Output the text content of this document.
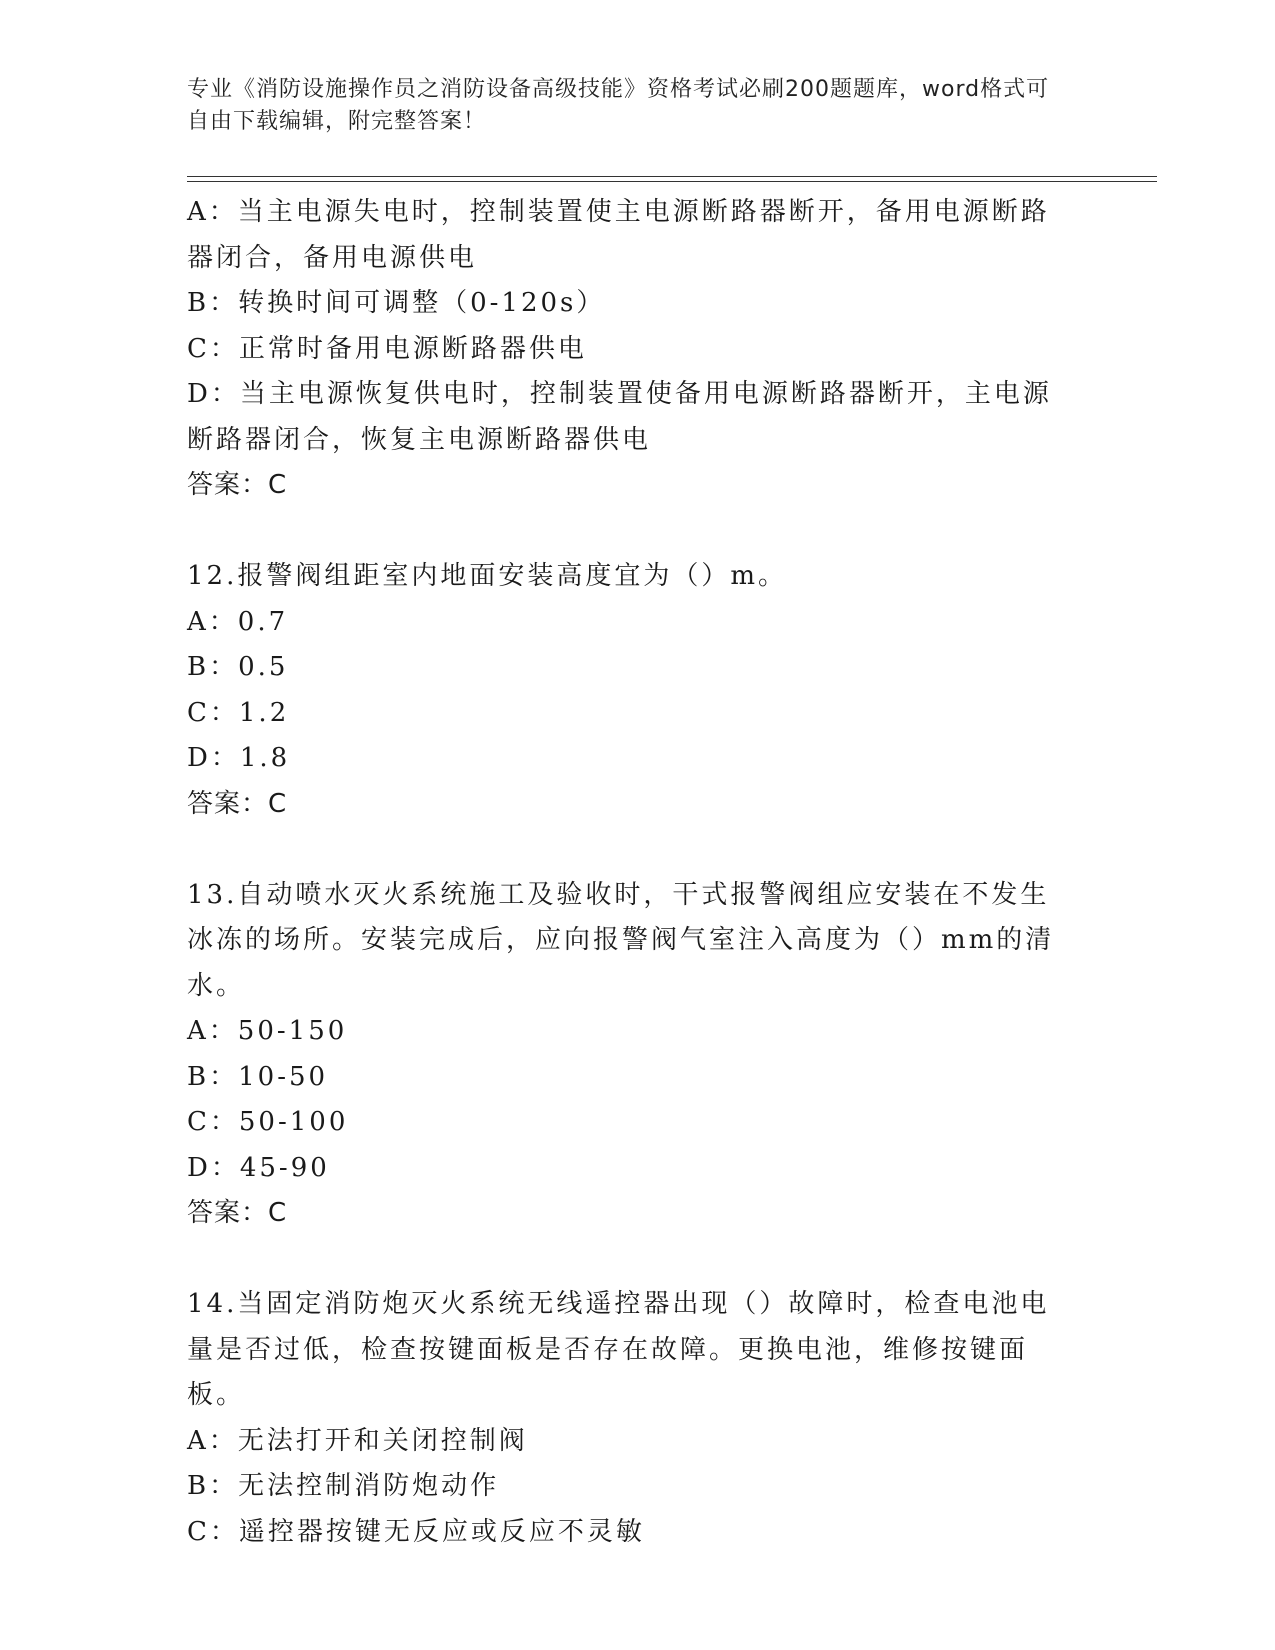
专业《消防设施操作员之消防设备高级技能》资格考试必刷200题题库，word格式可自由下载编辑，附完整答案！
A：当主电源失电时，控制装置使主电源断路器断开，备用电源断路器闭合，备用电源供电
B：转换时间可调整（0-120s）
C：正常时备用电源断路器供电
D：当主电源恢复供电时，控制装置使备用电源断路器断开，主电源断路器闭合，恢复主电源断路器供电
答案：C
12.报警阀组距室内地面安装高度宜为（）m。
A：0.7
B：0.5
C：1.2
D：1.8
答案：C
13.自动喷水灭火系统施工及验收时，干式报警阀组应安装在不发生冰冻的场所。安装完成后，应向报警阀气室注入高度为（）mm的清水。
A：50-150
B：10-50
C：50-100
D：45-90
答案：C
14.当固定消防炮灭火系统无线遥控器出现（）故障时，检查电池电量是否过低，检查按键面板是否存在故障。更换电池，维修按键面板。
A：无法打开和关闭控制阀
B：无法控制消防炮动作
C：遥控器按键无反应或反应不灵敏
